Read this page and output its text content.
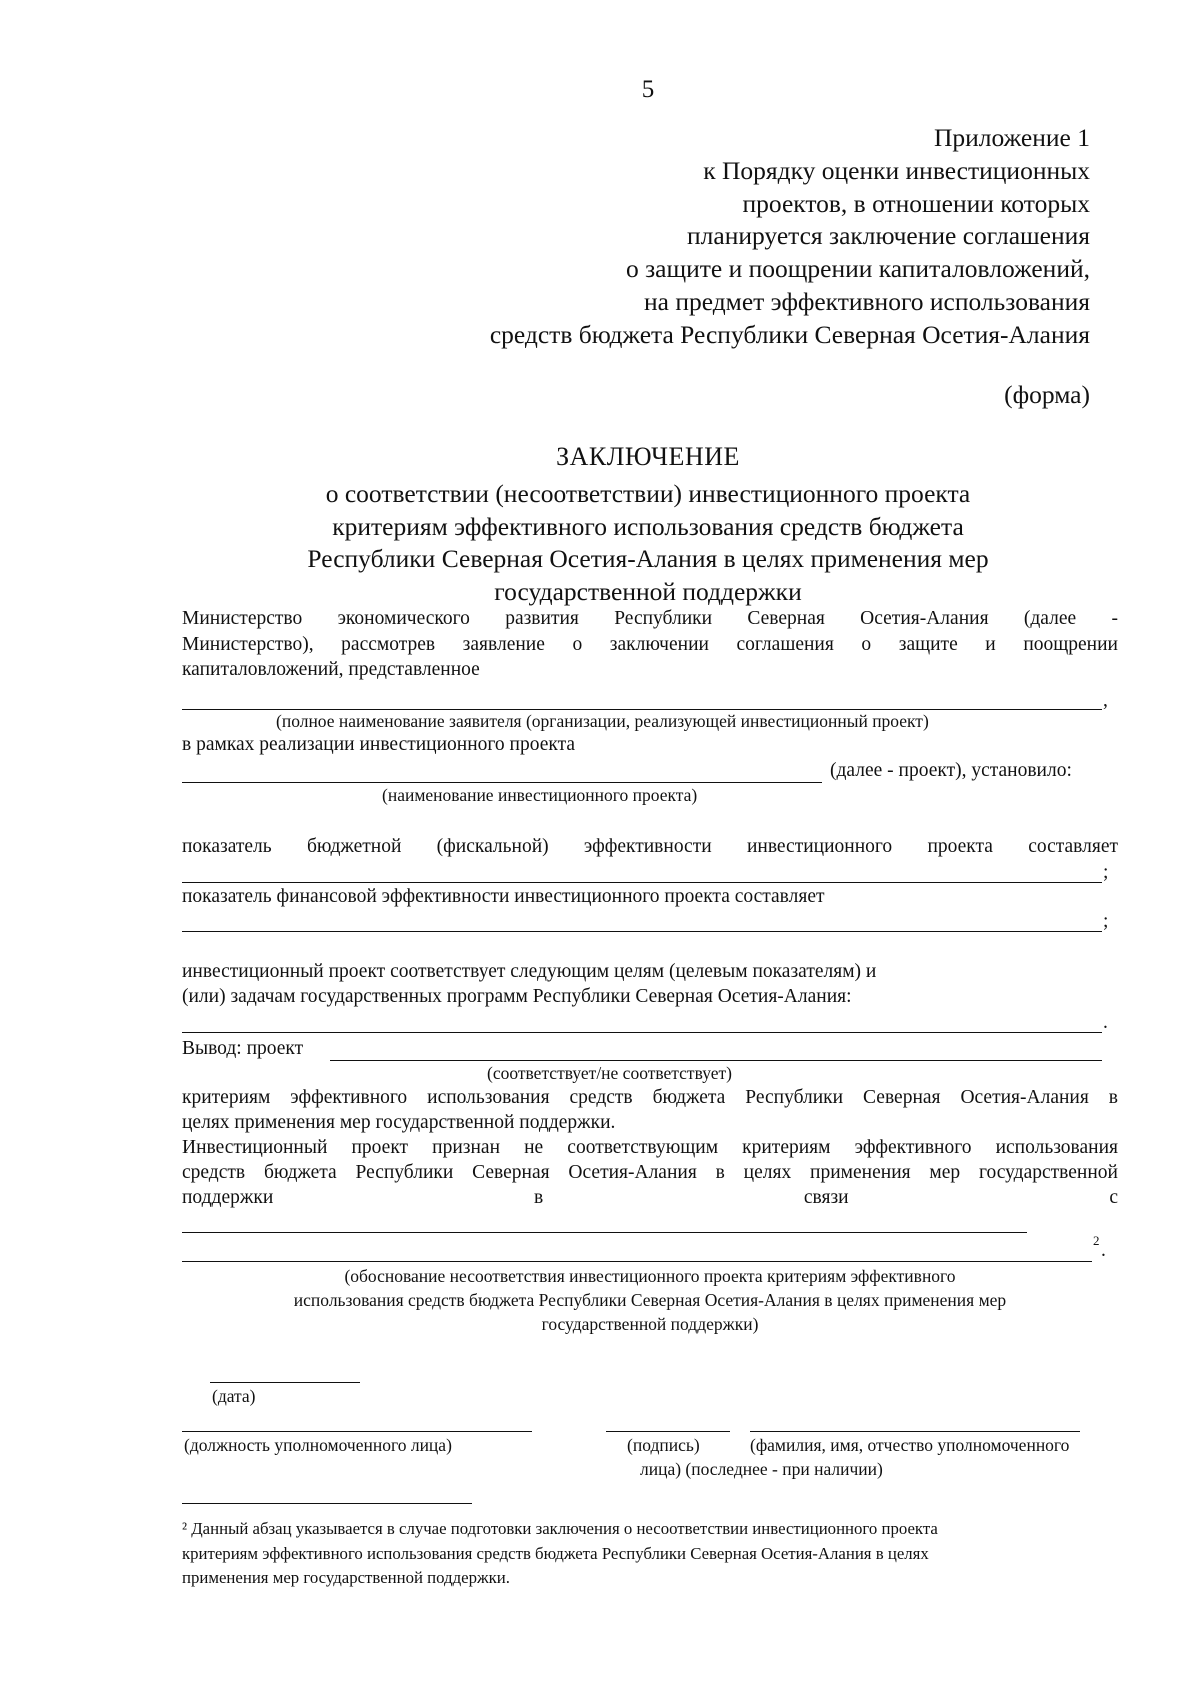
5
Приложение 1
к Порядку оценки инвестиционных
проектов, в отношении которых
планируется заключение соглашения
о защите и поощрении капиталовложений,
на предмет эффективного использования
средств бюджета Республики Северная Осетия-Алания
(форма)
ЗАКЛЮЧЕНИЕ
о соответствии (несоответствии) инвестиционного проекта
критериям эффективного использования средств бюджета
Республики Северная Осетия-Алания в целях применения мер
государственной поддержки
Министерство экономического развития Республики Северная Осетия-Алания (далее -
Министерство), рассмотрев заявление о заключении соглашения о защите и поощрении
капиталовложений, представленное
,
(полное наименование заявителя (организации, реализующей инвестиционный проект)
в рамках реализации инвестиционного проекта
(далее - проект), установило:
(наименование инвестиционного проекта)
показатель бюджетной (фискальной) эффективности инвестиционного проекта составляет
;
показатель финансовой эффективности инвестиционного проекта составляет
;
инвестиционный проект соответствует следующим целям (целевым показателям) и
(или) задачам государственных программ Республики Северная Осетия-Алания:
.
Вывод: проект
(соответствует/не соответствует)
критериям эффективного использования средств бюджета Республики Северная Осетия-Алания в
целях применения мер государственной поддержки.
Инвестиционный проект признан не соответствующим критериям эффективного использования
средств бюджета Республики Северная Осетия-Алания в целях применения мер государственной
поддержки в связи с
2 .
(обоснование несоответствия инвестиционного проекта критериям эффективного
использования средств бюджета Республики Северная Осетия-Алания в целях применения мер
государственной поддержки)
(дата)
(должность уполномоченного лица)	(подпись)	(фамилия, имя, отчество уполномоченного
лица) (последнее - при наличии)
² Данный абзац указывается в случае подготовки заключения о несоответствии инвестиционного проекта
критериям эффективного использования средств бюджета Республики Северная Осетия-Алания в целях
применения мер государственной поддержки.
